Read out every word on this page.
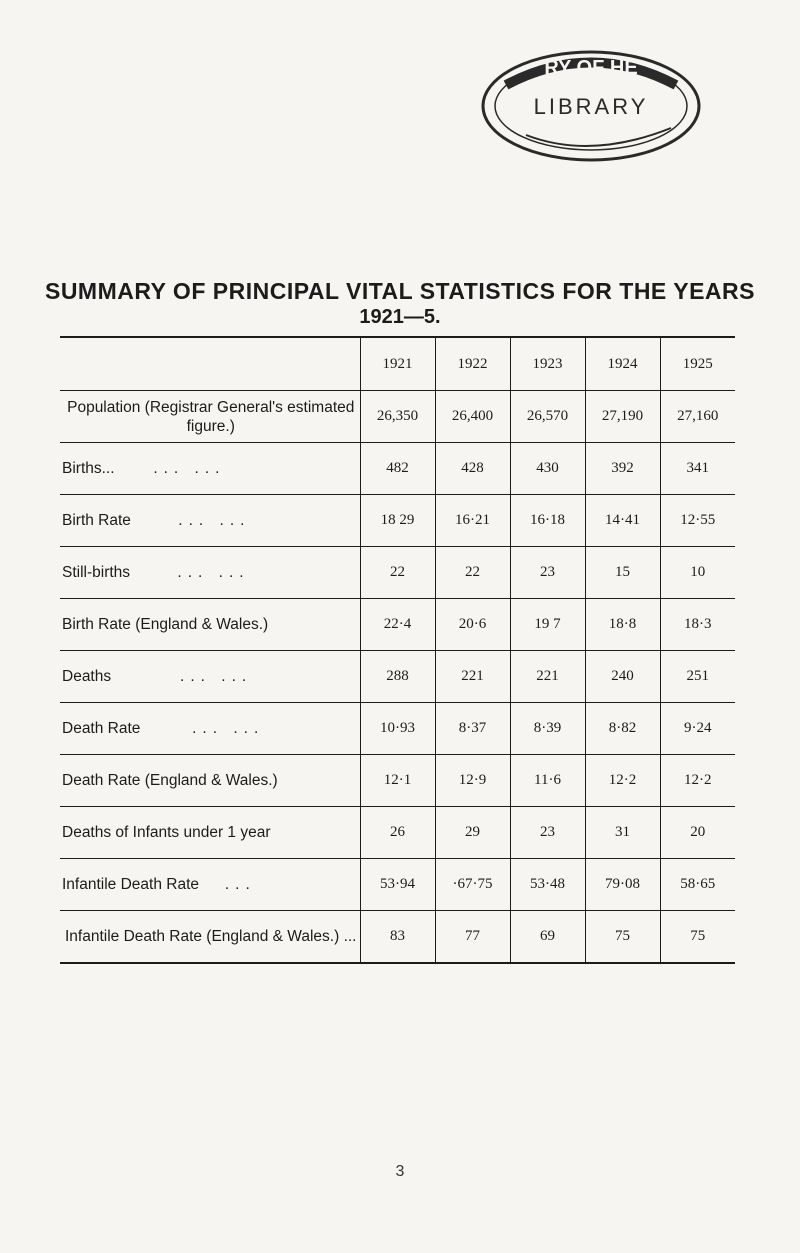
RY OF HE
LIBRARY
SUMMARY OF PRINCIPAL VITAL STATISTICS FOR THE YEARS
1921—5.
	1921	1922	1923	1924	1925
Population (Registrar General's estimated figure.)	26,350	26,400	26,570	27,190	27,160
Births... ... ...	482	428	430	392	341
Birth Rate ... ...	18 29	16·21	16·18	14·41	12·55
Still-births ... ...	22	22	23	15	10
Birth Rate (England & Wales.)	22·4	20·6	19 7	18·8	18·3
Deaths ... ...	288	221	221	240	251
Death Rate ... ...	10·93	8·37	8·39	8·82	9·24
Death Rate (England & Wales.)	12·1	12·9	11·6	12·2	12·2
Deaths of Infants under 1 year	26	29	23	31	20
Infantile Death Rate ...	53·94	·67·75	53·48	79·08	58·65
Infantile Death Rate (England & Wales.) ...	83	77	69	75	75
3
